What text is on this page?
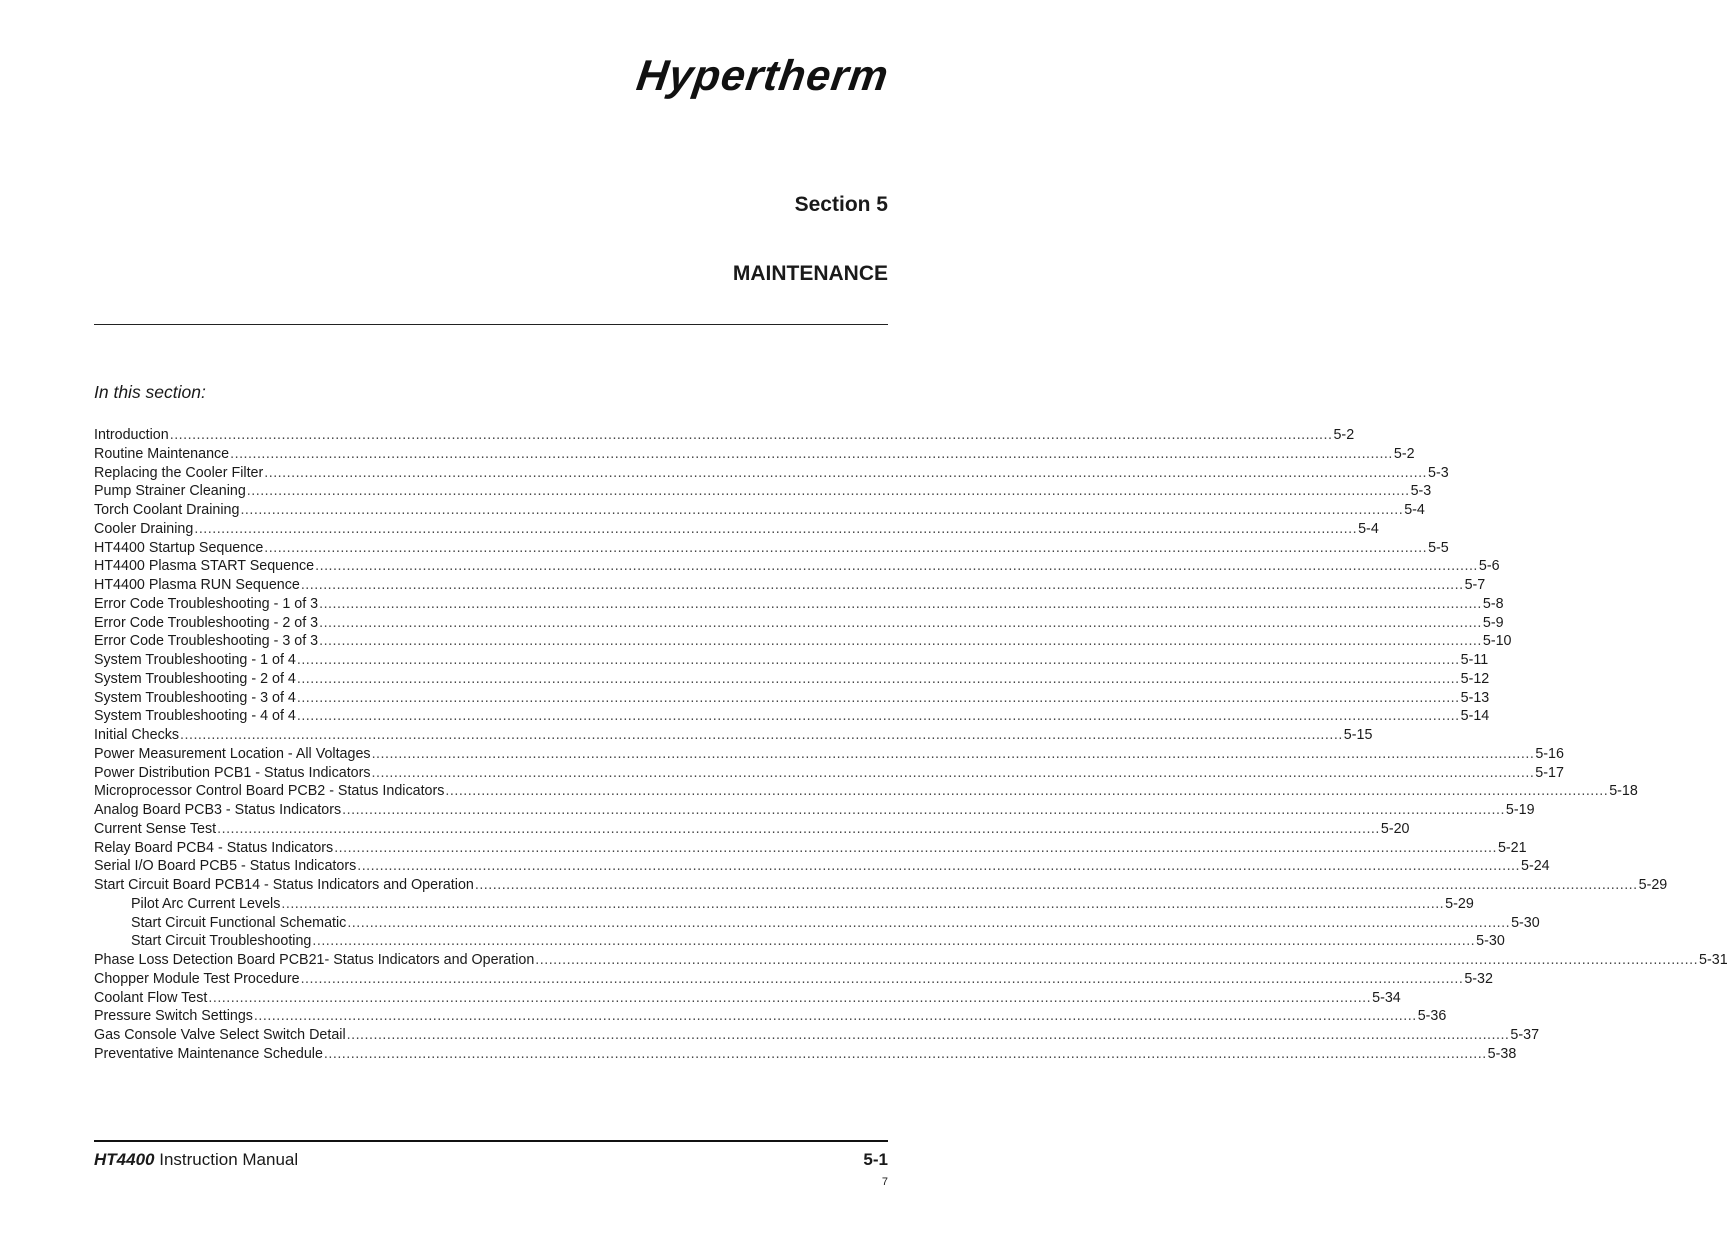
Hypertherm
Section 5
MAINTENANCE
In this section:
Introduction .................................................................................................................................................................................................................................................................... 5-2
Routine Maintenance .................................................................................................................................................................................................................................................................... 5-2
Replacing the Cooler Filter .................................................................................................................................................................................................................................................................... 5-3
Pump Strainer Cleaning .................................................................................................................................................................................................................................................................... 5-3
Torch Coolant Draining .................................................................................................................................................................................................................................................................... 5-4
Cooler Draining .................................................................................................................................................................................................................................................................... 5-4
HT4400 Startup Sequence .................................................................................................................................................................................................................................................................... 5-5
HT4400 Plasma START Sequence .................................................................................................................................................................................................................................................................... 5-6
HT4400 Plasma RUN Sequence .................................................................................................................................................................................................................................................................... 5-7
Error Code Troubleshooting - 1 of 3 .................................................................................................................................................................................................................................................................... 5-8
Error Code Troubleshooting - 2 of 3 .................................................................................................................................................................................................................................................................... 5-9
Error Code Troubleshooting - 3 of 3 .................................................................................................................................................................................................................................................................... 5-10
System Troubleshooting - 1 of 4 .................................................................................................................................................................................................................................................................... 5-11
System Troubleshooting - 2 of 4 .................................................................................................................................................................................................................................................................... 5-12
System Troubleshooting - 3 of 4 .................................................................................................................................................................................................................................................................... 5-13
System Troubleshooting - 4 of 4 .................................................................................................................................................................................................................................................................... 5-14
Initial Checks .................................................................................................................................................................................................................................................................... 5-15
Power Measurement Location - All Voltages .................................................................................................................................................................................................................................................................... 5-16
Power Distribution PCB1 - Status Indicators .................................................................................................................................................................................................................................................................... 5-17
Microprocessor Control Board PCB2 - Status Indicators .................................................................................................................................................................................................................................................................... 5-18
Analog Board PCB3 - Status Indicators .................................................................................................................................................................................................................................................................... 5-19
Current Sense Test .................................................................................................................................................................................................................................................................... 5-20
Relay Board PCB4 - Status Indicators .................................................................................................................................................................................................................................................................... 5-21
Serial I/O Board PCB5 - Status Indicators .................................................................................................................................................................................................................................................................... 5-24
Start Circuit Board PCB14 - Status Indicators and Operation .................................................................................................................................................................................................................................................................... 5-29
Pilot Arc Current Levels .................................................................................................................................................................................................................................................................... 5-29
Start Circuit Functional Schematic .................................................................................................................................................................................................................................................................... 5-30
Start Circuit Troubleshooting .................................................................................................................................................................................................................................................................... 5-30
Phase Loss Detection Board PCB21- Status Indicators and Operation .................................................................................................................................................................................................................................................................... 5-31
Chopper Module Test Procedure .................................................................................................................................................................................................................................................................... 5-32
Coolant Flow Test .................................................................................................................................................................................................................................................................... 5-34
Pressure Switch Settings .................................................................................................................................................................................................................................................................... 5-36
Gas Console Valve Select Switch Detail .................................................................................................................................................................................................................................................................... 5-37
Preventative Maintenance Schedule .................................................................................................................................................................................................................................................................... 5-38
HT4400 Instruction Manual	5-1
7
